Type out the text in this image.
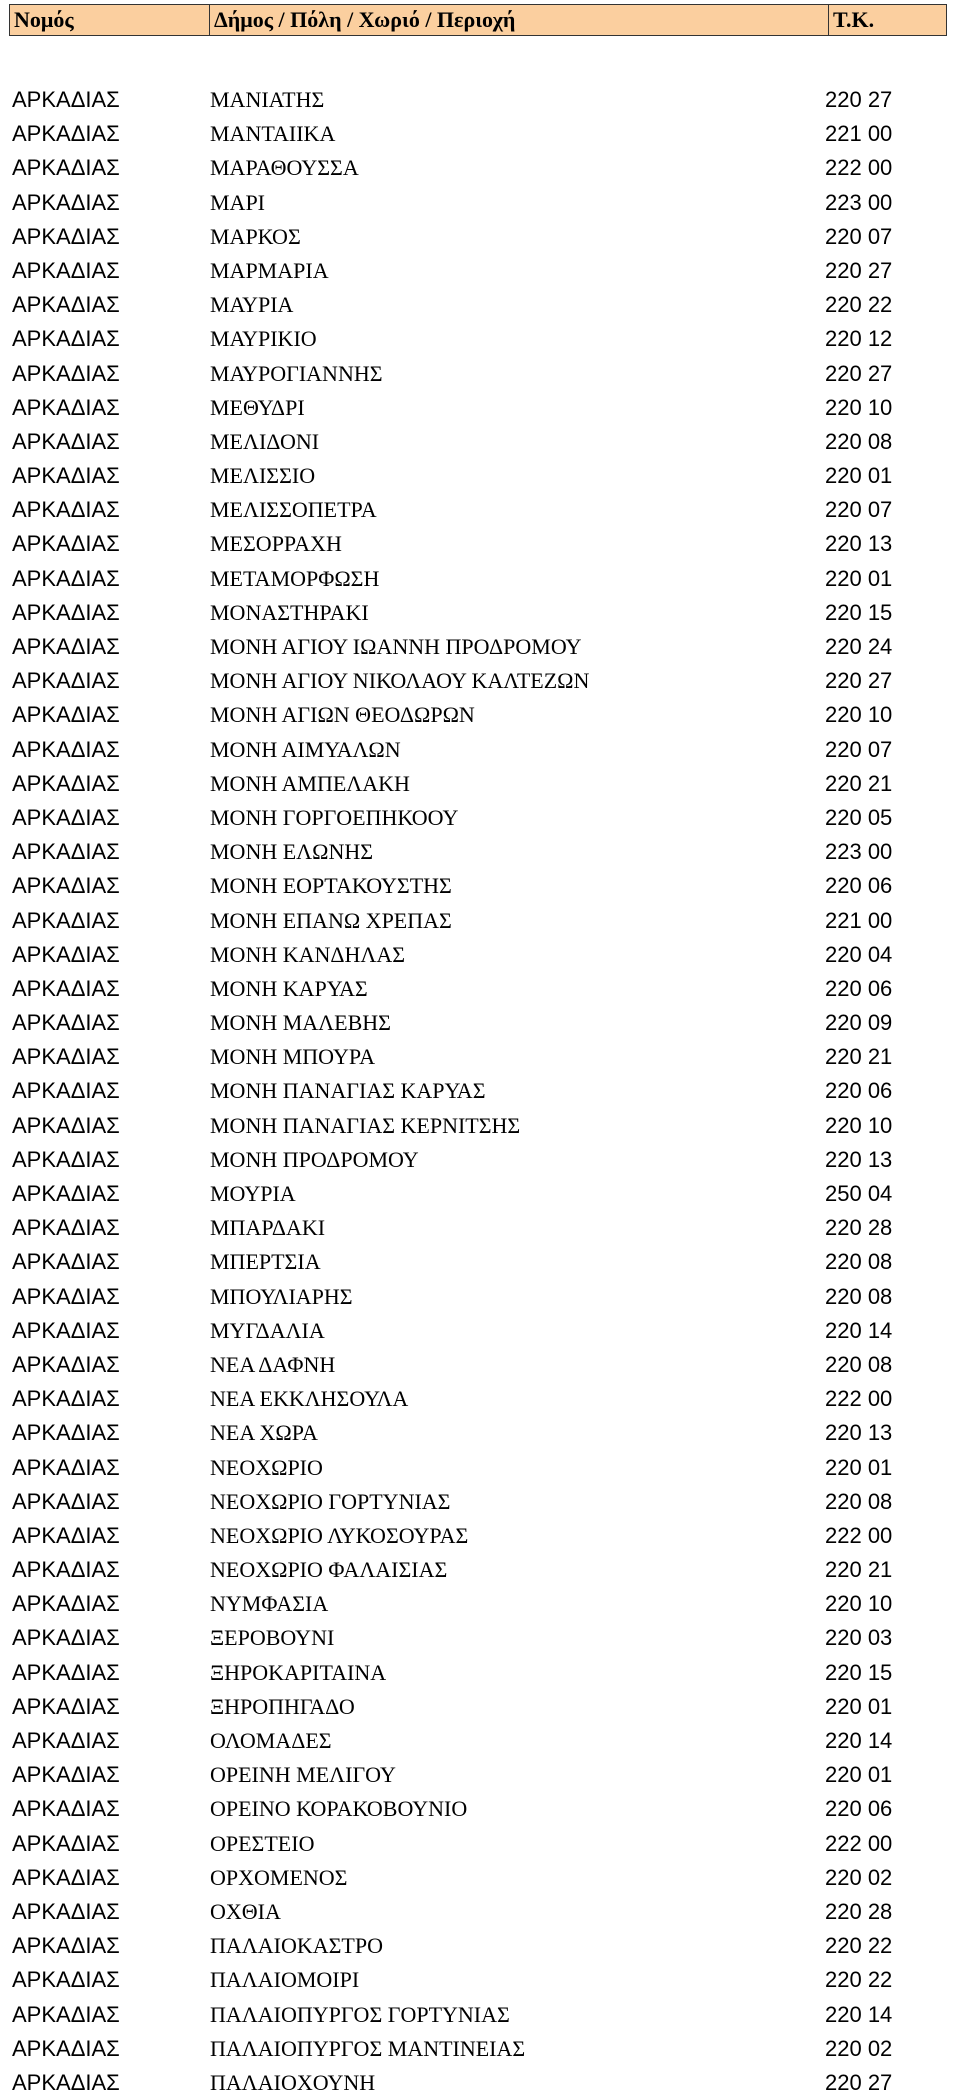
Νομός	Δήμος / Πόλη / Χωριό / Περιοχή	Τ.Κ.
ΑΡΚΑΔΙΑΣ	ΜΑΝΙΑΤΗΣ	220 27
ΑΡΚΑΔΙΑΣ	ΜΑΝΤΑΙΙΚΑ	221 00
ΑΡΚΑΔΙΑΣ	ΜΑΡΑΘΟΥΣΣΑ	222 00
ΑΡΚΑΔΙΑΣ	ΜΑΡΙ	223 00
ΑΡΚΑΔΙΑΣ	ΜΑΡΚΟΣ	220 07
ΑΡΚΑΔΙΑΣ	ΜΑΡΜΑΡΙΑ	220 27
ΑΡΚΑΔΙΑΣ	ΜΑΥΡΙΑ	220 22
ΑΡΚΑΔΙΑΣ	ΜΑΥΡΙΚΙΟ	220 12
ΑΡΚΑΔΙΑΣ	ΜΑΥΡΟΓΙΑΝΝΗΣ	220 27
ΑΡΚΑΔΙΑΣ	ΜΕΘΥΔΡΙ	220 10
ΑΡΚΑΔΙΑΣ	ΜΕΛΙΔΟΝΙ	220 08
ΑΡΚΑΔΙΑΣ	ΜΕΛΙΣΣΙΟ	220 01
ΑΡΚΑΔΙΑΣ	ΜΕΛΙΣΣΟΠΕΤΡΑ	220 07
ΑΡΚΑΔΙΑΣ	ΜΕΣΟΡΡΑΧΗ	220 13
ΑΡΚΑΔΙΑΣ	ΜΕΤΑΜΟΡΦΩΣΗ	220 01
ΑΡΚΑΔΙΑΣ	ΜΟΝΑΣΤΗΡΑΚΙ	220 15
ΑΡΚΑΔΙΑΣ	ΜΟΝΗ ΑΓΙΟΥ ΙΩΑΝΝΗ ΠΡΟΔΡΟΜΟΥ	220 24
ΑΡΚΑΔΙΑΣ	ΜΟΝΗ ΑΓΙΟΥ ΝΙΚΟΛΑΟΥ ΚΑΛΤΕΖΩΝ	220 27
ΑΡΚΑΔΙΑΣ	ΜΟΝΗ ΑΓΙΩΝ ΘΕΟΔΩΡΩΝ	220 10
ΑΡΚΑΔΙΑΣ	ΜΟΝΗ ΑΙΜΥΑΛΩΝ	220 07
ΑΡΚΑΔΙΑΣ	ΜΟΝΗ ΑΜΠΕΛΑΚΗ	220 21
ΑΡΚΑΔΙΑΣ	ΜΟΝΗ ΓΟΡΓΟΕΠΗΚΟΟΥ	220 05
ΑΡΚΑΔΙΑΣ	ΜΟΝΗ ΕΛΩΝΗΣ	223 00
ΑΡΚΑΔΙΑΣ	ΜΟΝΗ ΕΟΡΤΑΚΟΥΣΤΗΣ	220 06
ΑΡΚΑΔΙΑΣ	ΜΟΝΗ ΕΠΑΝΩ ΧΡΕΠΑΣ	221 00
ΑΡΚΑΔΙΑΣ	ΜΟΝΗ ΚΑΝΔΗΛΑΣ	220 04
ΑΡΚΑΔΙΑΣ	ΜΟΝΗ ΚΑΡΥΑΣ	220 06
ΑΡΚΑΔΙΑΣ	ΜΟΝΗ ΜΑΛΕΒΗΣ	220 09
ΑΡΚΑΔΙΑΣ	ΜΟΝΗ ΜΠΟΥΡΑ	220 21
ΑΡΚΑΔΙΑΣ	ΜΟΝΗ ΠΑΝΑΓΙΑΣ ΚΑΡΥΑΣ	220 06
ΑΡΚΑΔΙΑΣ	ΜΟΝΗ ΠΑΝΑΓΙΑΣ ΚΕΡΝΙΤΣΗΣ	220 10
ΑΡΚΑΔΙΑΣ	ΜΟΝΗ ΠΡΟΔΡΟΜΟΥ	220 13
ΑΡΚΑΔΙΑΣ	ΜΟΥΡΙΑ	250 04
ΑΡΚΑΔΙΑΣ	ΜΠΑΡΔΑΚΙ	220 28
ΑΡΚΑΔΙΑΣ	ΜΠΕΡΤΣΙΑ	220 08
ΑΡΚΑΔΙΑΣ	ΜΠΟΥΛΙΑΡΗΣ	220 08
ΑΡΚΑΔΙΑΣ	ΜΥΓΔΑΛΙΑ	220 14
ΑΡΚΑΔΙΑΣ	ΝΕΑ ΔΑΦΝΗ	220 08
ΑΡΚΑΔΙΑΣ	ΝΕΑ ΕΚΚΛΗΣΟΥΛΑ	222 00
ΑΡΚΑΔΙΑΣ	ΝΕΑ ΧΩΡΑ	220 13
ΑΡΚΑΔΙΑΣ	ΝΕΟΧΩΡΙΟ	220 01
ΑΡΚΑΔΙΑΣ	ΝΕΟΧΩΡΙΟ ΓΟΡΤΥΝΙΑΣ	220 08
ΑΡΚΑΔΙΑΣ	ΝΕΟΧΩΡΙΟ ΛΥΚΟΣΟΥΡΑΣ	222 00
ΑΡΚΑΔΙΑΣ	ΝΕΟΧΩΡΙΟ ΦΑΛΑΙΣΙΑΣ	220 21
ΑΡΚΑΔΙΑΣ	ΝΥΜΦΑΣΙΑ	220 10
ΑΡΚΑΔΙΑΣ	ΞΕΡΟΒΟΥΝΙ	220 03
ΑΡΚΑΔΙΑΣ	ΞΗΡΟΚΑΡΙΤΑΙΝΑ	220 15
ΑΡΚΑΔΙΑΣ	ΞΗΡΟΠΗΓΑΔΟ	220 01
ΑΡΚΑΔΙΑΣ	ΟΛΟΜΑΔΕΣ	220 14
ΑΡΚΑΔΙΑΣ	ΟΡΕΙΝΗ ΜΕΛΙΓΟΥ	220 01
ΑΡΚΑΔΙΑΣ	ΟΡΕΙΝΟ ΚΟΡΑΚΟΒΟΥΝΙΟ	220 06
ΑΡΚΑΔΙΑΣ	ΟΡΕΣΤΕΙΟ	222 00
ΑΡΚΑΔΙΑΣ	ΟΡΧΟΜΕΝΟΣ	220 02
ΑΡΚΑΔΙΑΣ	ΟΧΘΙΑ	220 28
ΑΡΚΑΔΙΑΣ	ΠΑΛΑΙΟΚΑΣΤΡΟ	220 22
ΑΡΚΑΔΙΑΣ	ΠΑΛΑΙΟΜΟΙΡΙ	220 22
ΑΡΚΑΔΙΑΣ	ΠΑΛΑΙΟΠΥΡΓΟΣ ΓΟΡΤΥΝΙΑΣ	220 14
ΑΡΚΑΔΙΑΣ	ΠΑΛΑΙΟΠΥΡΓΟΣ ΜΑΝΤΙΝΕΙΑΣ	220 02
ΑΡΚΑΔΙΑΣ	ΠΑΛΑΙΟΧΟΥΝΗ	220 27
